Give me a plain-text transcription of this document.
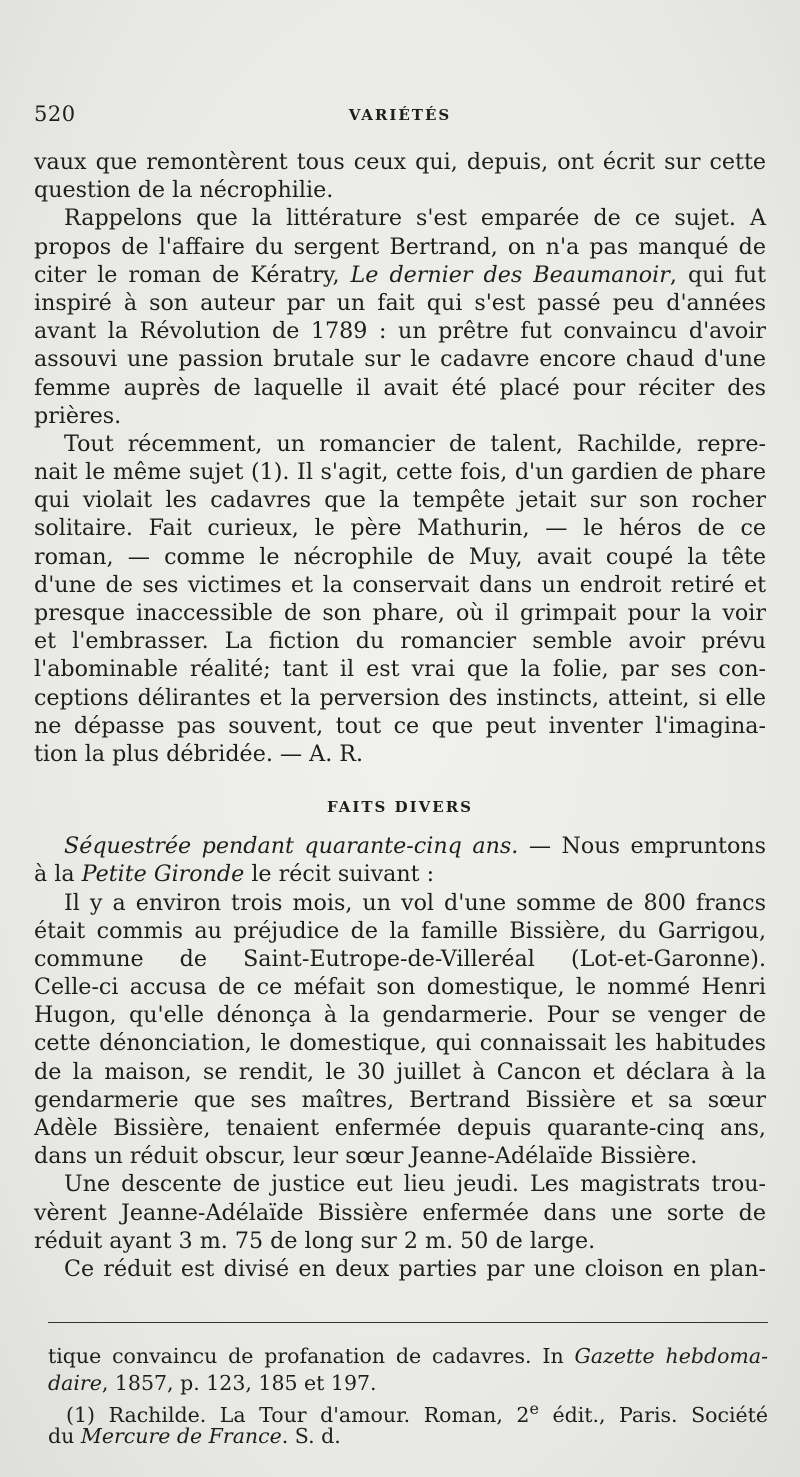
520	VARIÉTÉS
vaux que remontèrent tous ceux qui, depuis, ont écrit sur cette
question de la nécrophilie.
Rappelons que la littérature s'est emparée de ce sujet. A
propos de l'affaire du sergent Bertrand, on n'a pas manqué de
citer le roman de Kératry, Le dernier des Beaumanoir, qui fut
inspiré à son auteur par un fait qui s'est passé peu d'années
avant la Révolution de 1789 : un prêtre fut convaincu d'avoir
assouvi une passion brutale sur le cadavre encore chaud d'une
femme auprès de laquelle il avait été placé pour réciter des
prières.
Tout récemment, un romancier de talent, Rachilde, repre-
nait le même sujet (1). Il s'agit, cette fois, d'un gardien de phare
qui violait les cadavres que la tempête jetait sur son rocher
solitaire. Fait curieux, le père Mathurin, — le héros de ce
roman, — comme le nécrophile de Muy, avait coupé la tête
d'une de ses victimes et la conservait dans un endroit retiré et
presque inaccessible de son phare, où il grimpait pour la voir
et l'embrasser. La fiction du romancier semble avoir prévu
l'abominable réalité; tant il est vrai que la folie, par ses con-
ceptions délirantes et la perversion des instincts, atteint, si elle
ne dépasse pas souvent, tout ce que peut inventer l'imagina-
tion la plus débridée. — A. R.
FAITS DIVERS
Séquestrée pendant quarante-cinq ans. — Nous empruntons
à la Petite Gironde le récit suivant :
Il y a environ trois mois, un vol d'une somme de 800 francs
était commis au préjudice de la famille Bissière, du Garrigou,
commune de Saint-Eutrope-de-Villeréal (Lot-et-Garonne).
Celle-ci accusa de ce méfait son domestique, le nommé Henri
Hugon, qu'elle dénonça à la gendarmerie. Pour se venger de
cette dénonciation, le domestique, qui connaissait les habitudes
de la maison, se rendit, le 30 juillet à Cancon et déclara à la
gendarmerie que ses maîtres, Bertrand Bissière et sa sœur
Adèle Bissière, tenaient enfermée depuis quarante-cinq ans,
dans un réduit obscur, leur sœur Jeanne-Adélaïde Bissière.
Une descente de justice eut lieu jeudi. Les magistrats trou-
vèrent Jeanne-Adélaïde Bissière enfermée dans une sorte de
réduit ayant 3 m. 75 de long sur 2 m. 50 de large.
Ce réduit est divisé en deux parties par une cloison en plan-
tique convaincu de profanation de cadavres. In Gazette hebdoma-
daire, 1857, p. 123, 185 et 197.
(1) Rachilde. La Tour d'amour. Roman, 2e édit., Paris. Société
du Mercure de France. S. d.
